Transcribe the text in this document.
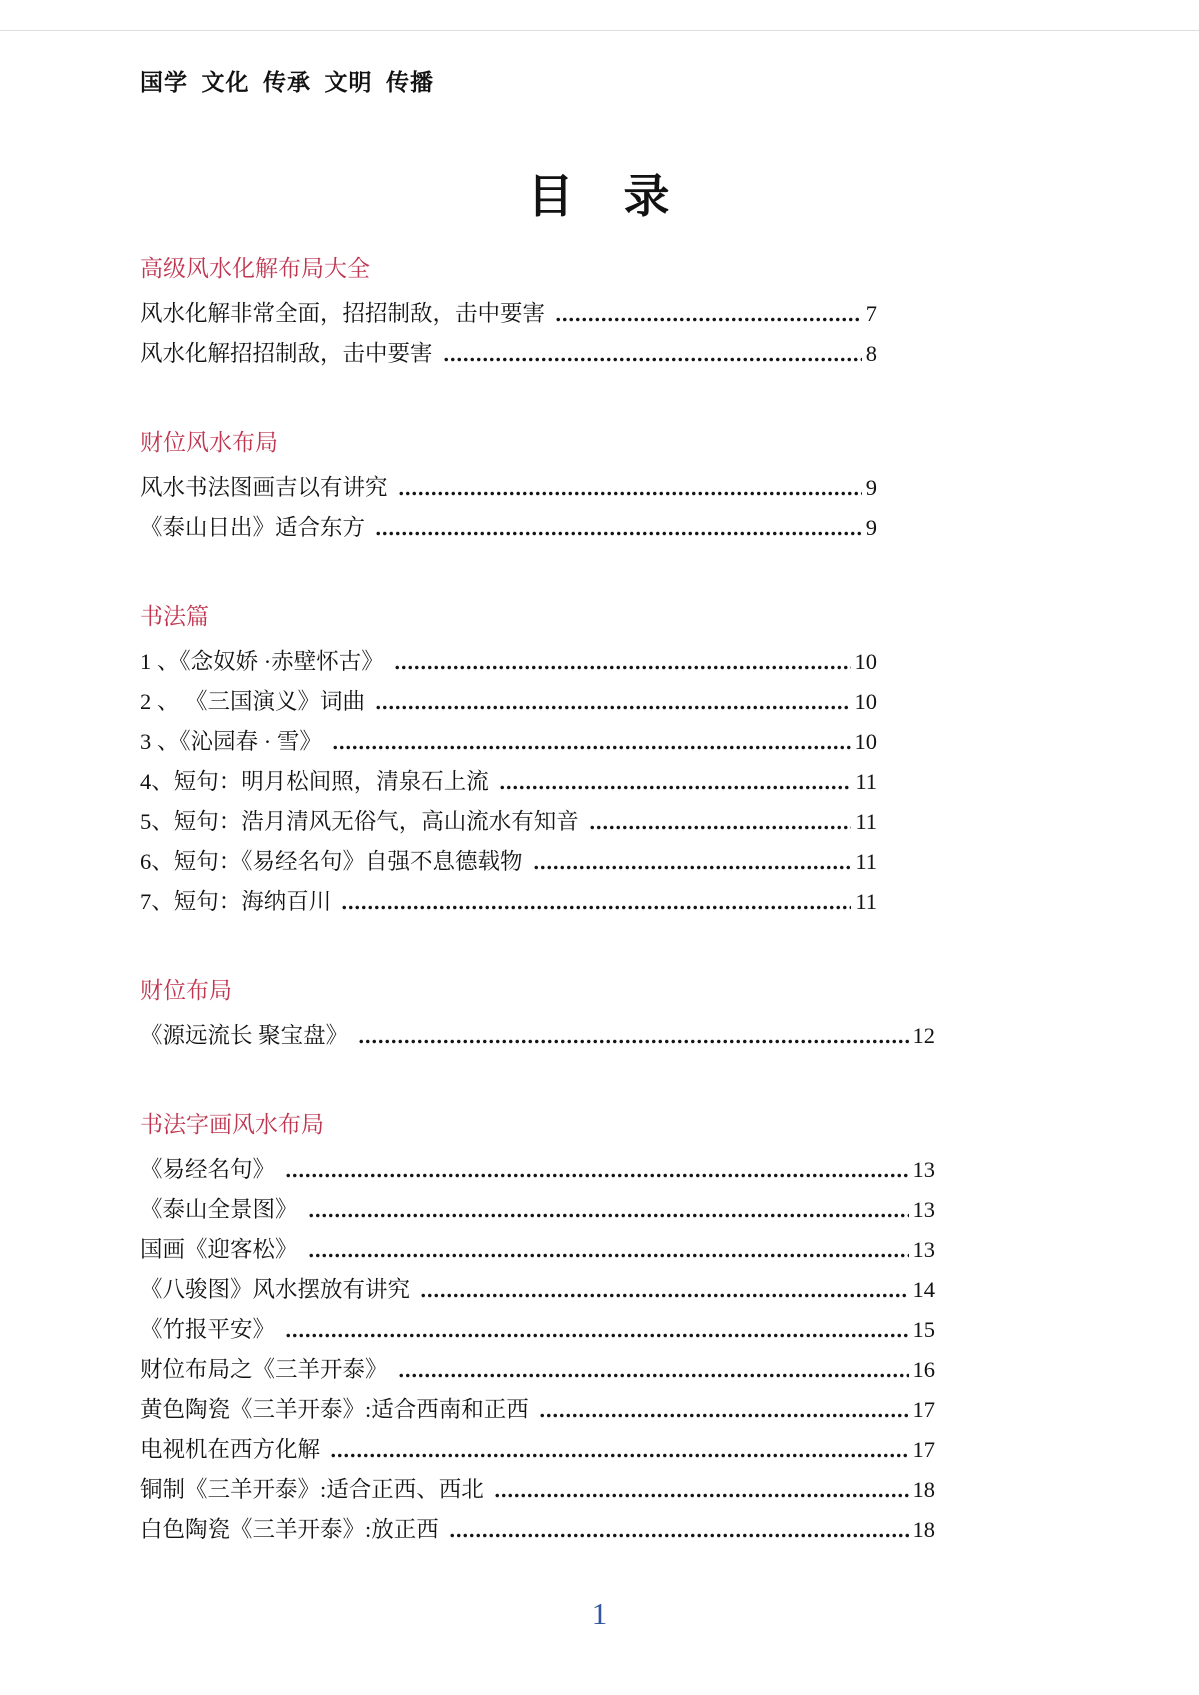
国学  文化  传承  文明  传播
目　录
高级风水化解布局大全
风水化解非常全面，招招制敌，击中要害	7
风水化解招招制敌，击中要害	8
财位风水布局
风水书法图画吉以有讲究	9
《泰山日出》适合东方	9
书法篇
1 、《念奴娇 ·赤壁怀古》	10
2 、 《三国演义》词曲	10
3 、《沁园春 · 雪》	10
4、短句：明月松间照，清泉石上流	11
5、短句：浩月清风无俗气，高山流水有知音	11
6、短句：《易经名句》自强不息德载物	11
7、短句：海纳百川	11
财位布局
《源远流长 聚宝盘》	12
书法字画风水布局
《易经名句》	13
《泰山全景图》	13
国画《迎客松》	13
《八骏图》风水摆放有讲究	14
《竹报平安》	15
财位布局之《三羊开泰》	16
黄色陶瓷《三羊开泰》:适合西南和正西	17
电视机在西方化解	17
铜制《三羊开泰》:适合正西、西北	18
白色陶瓷《三羊开泰》:放正西	18
1
